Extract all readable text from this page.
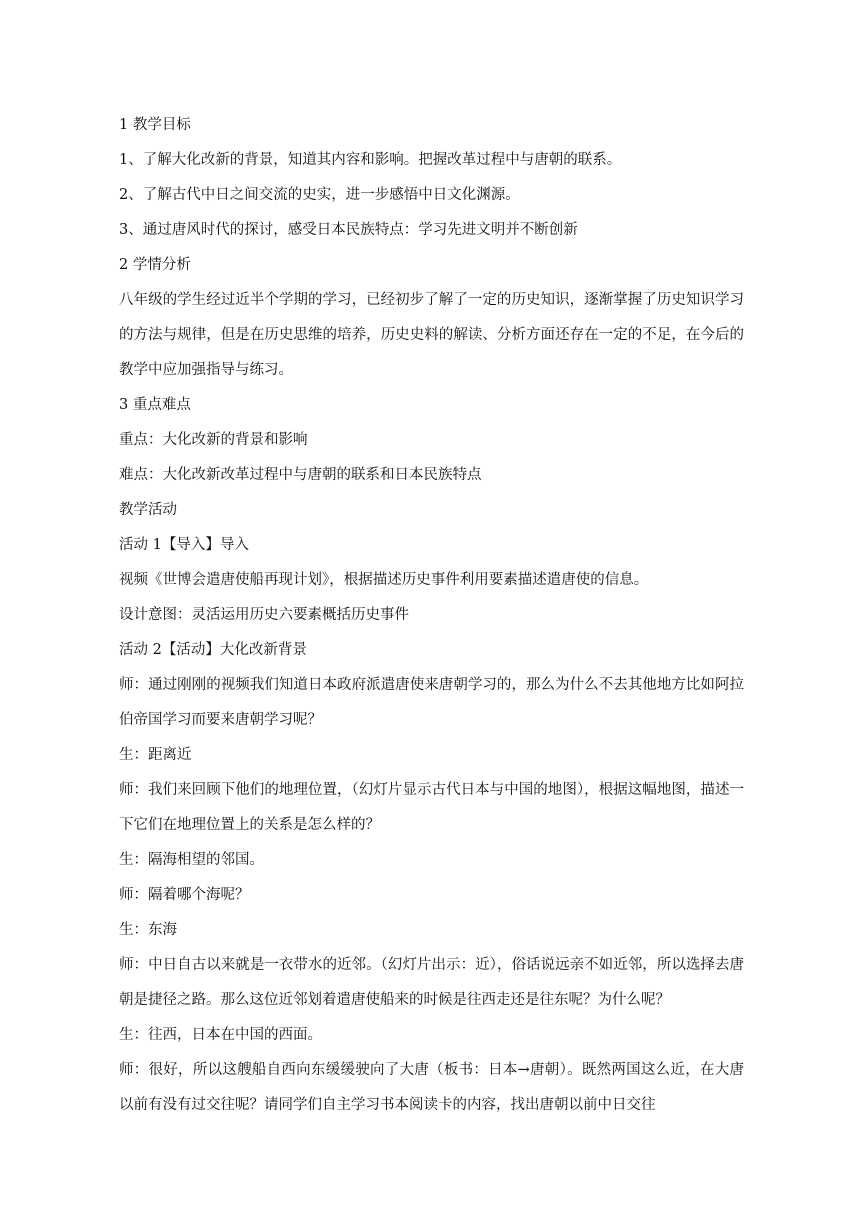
1 教学目标

1、了解大化改新的背景，知道其内容和影响。把握改革过程中与唐朝的联系。

2、了解古代中日之间交流的史实，进一步感悟中日文化渊源。

3、通过唐风时代的探讨，感受日本民族特点：学习先进文明并不断创新

2 学情分析

八年级的学生经过近半个学期的学习，已经初步了解了一定的历史知识，逐渐掌握了历史知识学习的方法与规律，但是在历史思维的培养，历史史料的解读、分析方面还存在一定的不足，在今后的教学中应加强指导与练习。

3 重点难点

重点：大化改新的背景和影响

难点：大化改新改革过程中与唐朝的联系和日本民族特点

教学活动

活动 1【导入】导入

视频《世博会遣唐使船再现计划》，根据描述历史事件利用要素描述遣唐使的信息。

设计意图：灵活运用历史六要素概括历史事件

活动 2【活动】大化改新背景

师：通过刚刚的视频我们知道日本政府派遣唐使来唐朝学习的，那么为什么不去其他地方比如阿拉伯帝国学习而要来唐朝学习呢？

生：距离近

师：我们来回顾下他们的地理位置，（幻灯片显示古代日本与中国的地图），根据这幅地图，描述一下它们在地理位置上的关系是怎么样的？

生：隔海相望的邻国。

师：隔着哪个海呢？

生：东海

师：中日自古以来就是一衣带水的近邻。（幻灯片出示：近），俗话说远亲不如近邻，所以选择去唐朝是捷径之路。那么这位近邻划着遣唐使船来的时候是往西走还是往东呢？为什么呢？

生：往西，日本在中国的西面。

师：很好，所以这艘船自西向东缓缓驶向了大唐（板书：日本→唐朝）。既然两国这么近，在大唐以前有没有过交往呢？请同学们自主学习书本阅读卡的内容，找出唐朝以前中日交往
